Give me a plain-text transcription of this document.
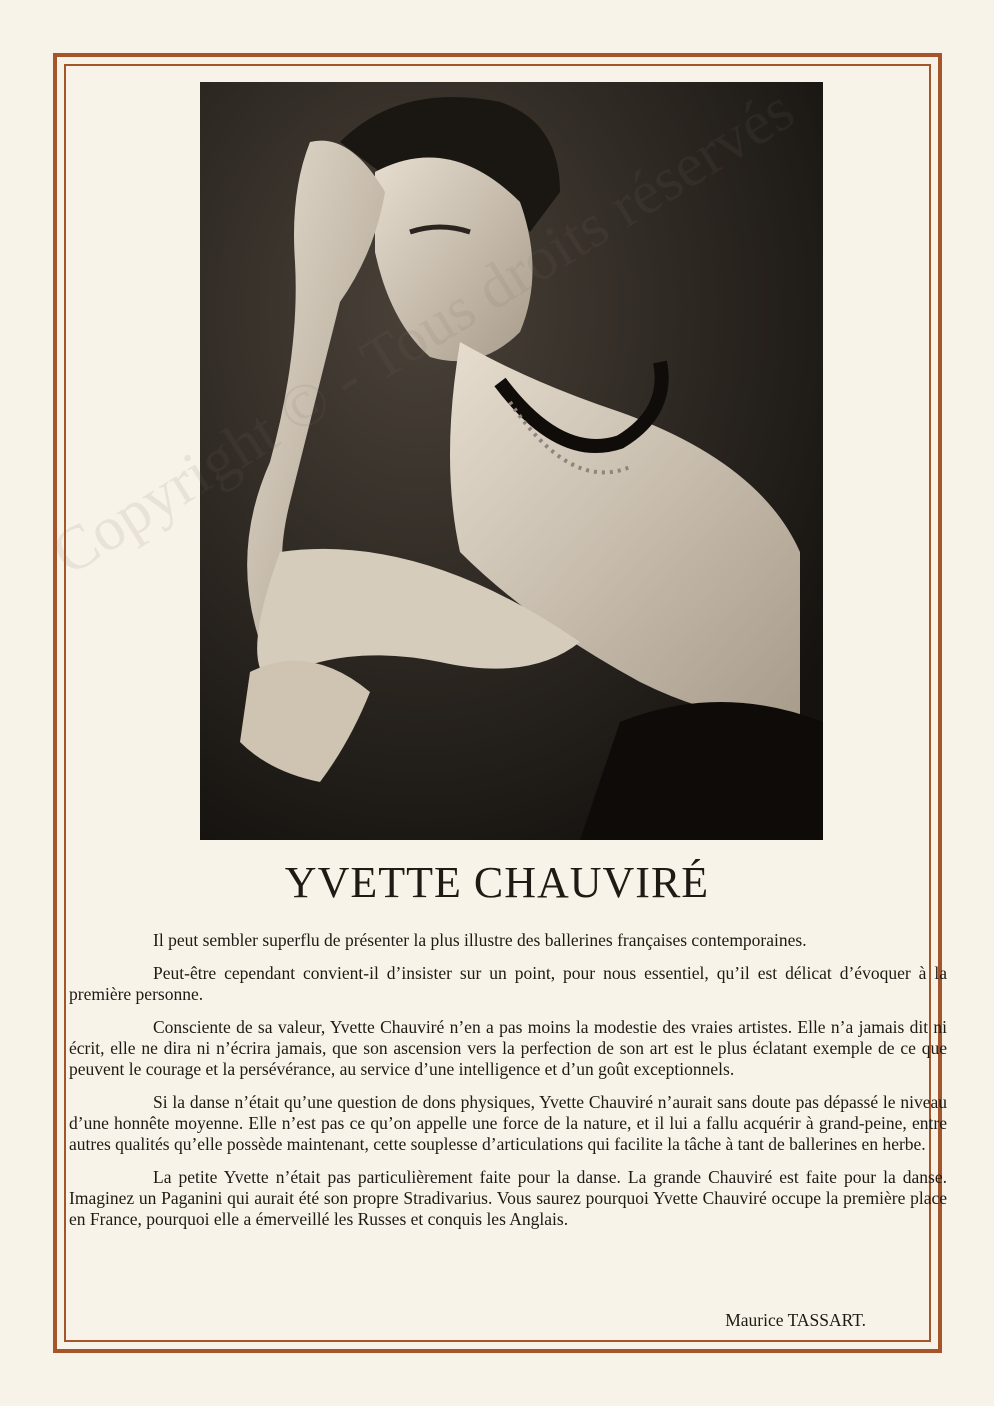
Copyright
YVETTE CHAUVIRÉ

Il peut sembler superflu de présenter la plus illustre des ballerines françaises contemporaines.

Peut-être cependant convient-il d’insister sur un point, pour nous essentiel, qu’il est délicat d’évoquer à la première personne.

Consciente de sa valeur, Yvette Chauviré n’en a pas moins la modestie des vraies artistes. Elle n’a jamais dit ni écrit, elle ne dira ni n’écrira jamais, que son ascension vers la perfection de son art est le plus éclatant exemple de ce que peuvent le courage et la persévérance, au service d’une intelligence et d’un goût exceptionnels.

Si la danse n’était qu’une question de dons physiques, Yvette Chauviré n’aurait sans doute pas dépassé le niveau d’une honnête moyenne. Elle n’est pas ce qu’on appelle une force de la nature, et il lui a fallu acquérir à grand-peine, entre autres qualités qu’elle possède maintenant, cette souplesse d’articulations qui facilite la tâche à tant de ballerines en herbe.

La petite Yvette n’était pas particulièrement faite pour la danse. La grande Chauviré est faite pour la danse. Imaginez un Paganini qui aurait été son propre Stradivarius. Vous saurez pourquoi Yvette Chauviré occupe la première place en France, pourquoi elle a émerveillé les Russes et conquis les Anglais.

Maurice TASSART.
